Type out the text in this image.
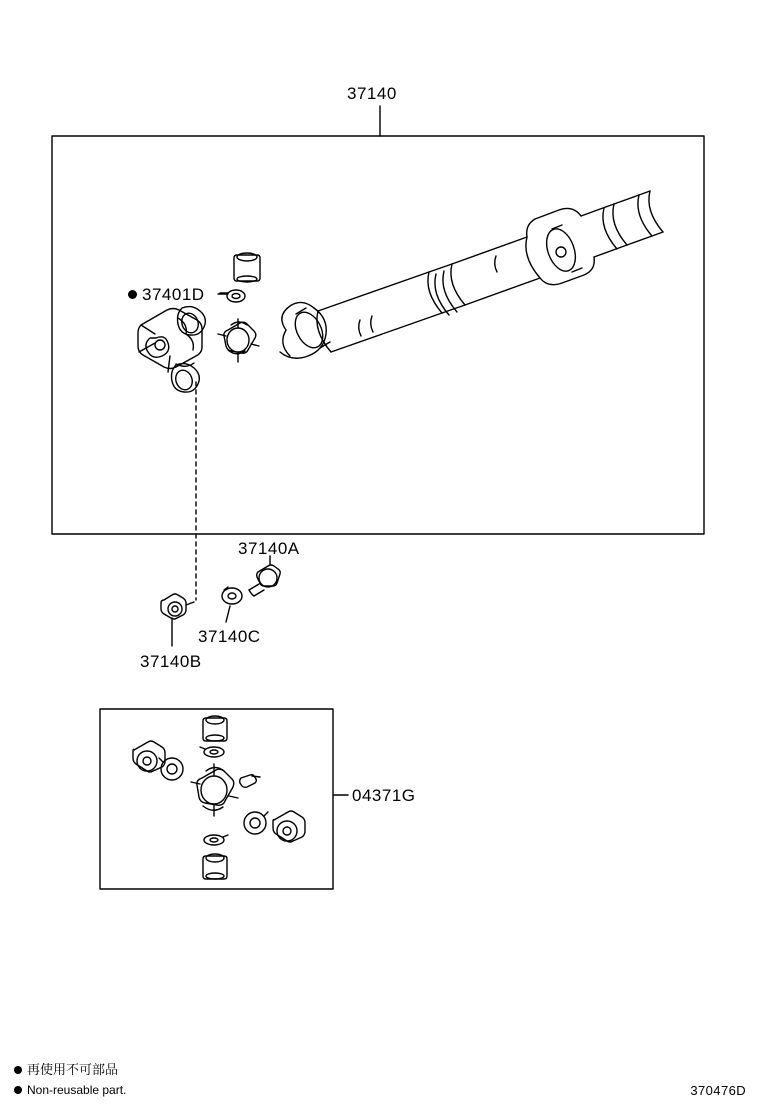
37140
37401D
37140A
37140C
37140B
04371G
再使用不可部品
Non-reusable part.	370476D
